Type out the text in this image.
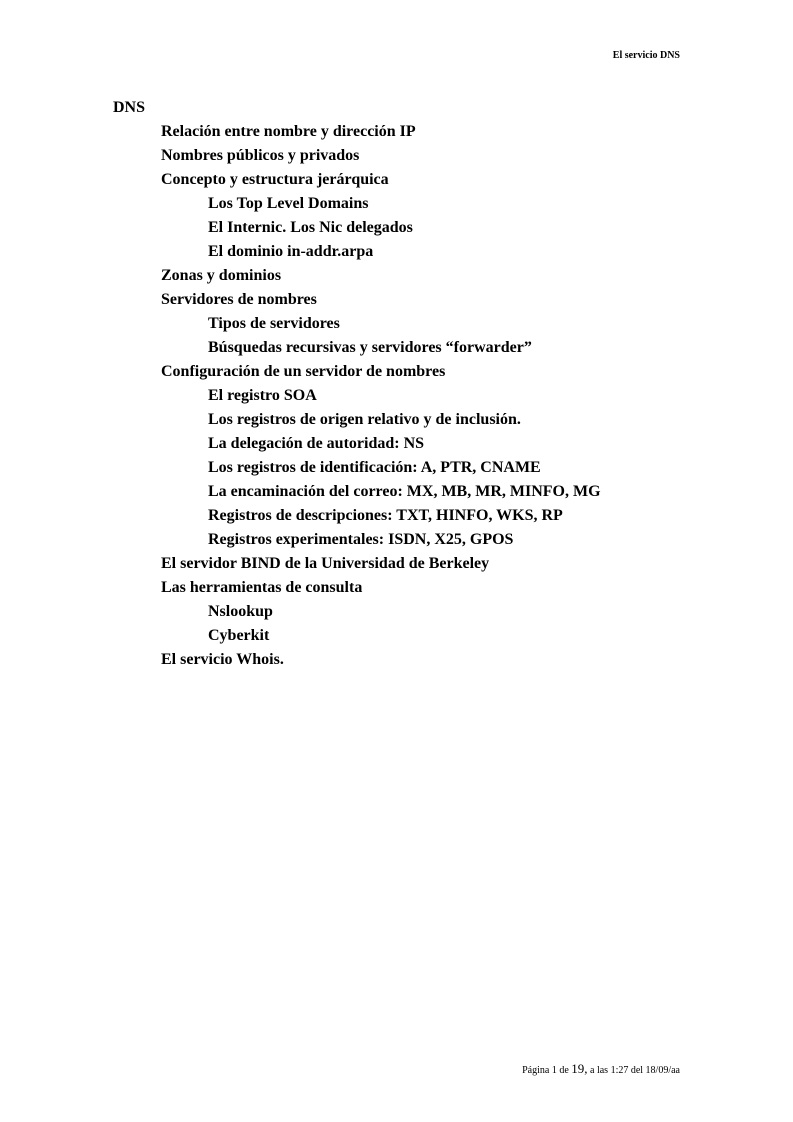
El servicio DNS
DNS
Relación entre nombre y dirección IP
Nombres públicos y privados
Concepto y estructura jerárquica
Los Top Level Domains
El Internic. Los Nic delegados
El dominio in-addr.arpa
Zonas y dominios
Servidores de nombres
Tipos de servidores
Búsquedas recursivas y servidores “forwarder”
Configuración de un servidor de nombres
El registro SOA
Los registros de origen relativo y de inclusión.
La delegación de autoridad: NS
Los registros de identificación: A, PTR, CNAME
La encaminación del correo: MX, MB, MR, MINFO, MG
Registros de descripciones: TXT, HINFO, WKS, RP
Registros experimentales: ISDN, X25, GPOS
El servidor BIND de la Universidad de Berkeley
Las herramientas de consulta
Nslookup
Cyberkit
El servicio Whois.
Página 1 de 19, a las 1:27 del 18/09/aa
